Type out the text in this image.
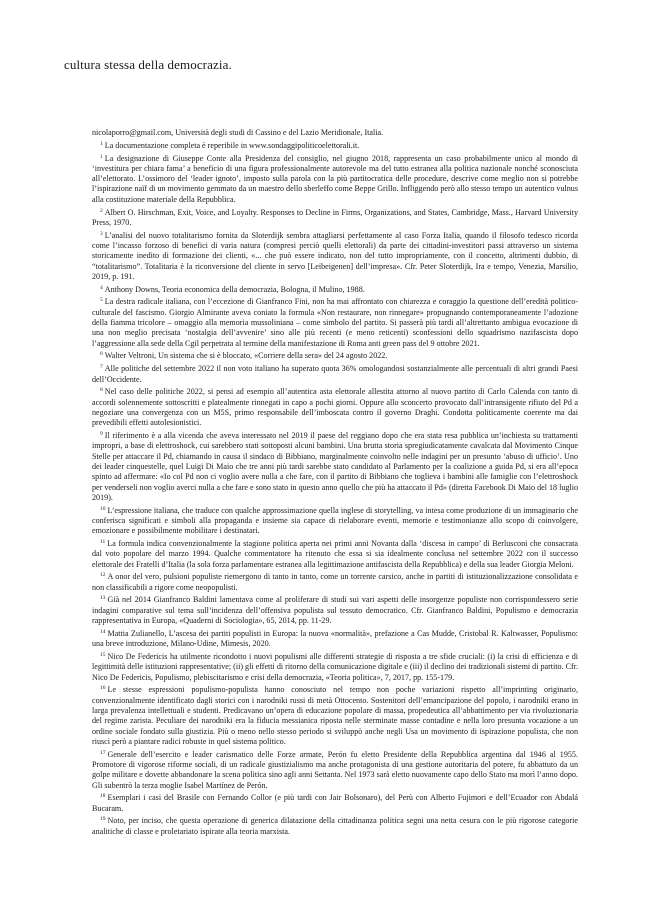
cultura stessa della democrazia.

nicolaporro@gmail.com, Università degli studi di Cassino e del Lazio Meridionale, Italia.

$^1$ La documentazione completa è reperibile in www.sondaggipoliticoelettorali.it.

$^1$ La designazione di Giuseppe Conte alla Presidenza del consiglio, nel giugno 2018, rappresenta un caso probabilmente unico al mondo di ‘investitura per chiara fama’ a beneficio di una figura professionalmente autorevole ma del tutto estranea alla politica nazionale nonché sconosciuta all’elettorato. L’ossimoro del ‘leader ignoto’, imposto sulla parola con la più partitocratica delle procedure, descrive come meglio non si potrebbe l’ispirazione naïf di un movimento gemmato da un maestro dello sberleffo come Beppe Grillo. Infliggendo però allo stesso tempo un autentico vulnus alla costituzione materiale della Repubblica.

$^2$ Albert O. Hirschman, Exit, Voice, and Loyalty. Responses to Decline in Firms, Organizations, and States, Cambridge, Mass., Harvard University Press, 1970.

$^3$ L’analisi del nuovo totalitarismo fornita da Sloterdijk sembra attagliarsi perfettamente al caso Forza Italia, quando il filosofo tedesco ricorda come l’incasso forzoso di benefici di varia natura (compresi perciò quelli elettorali) da parte dei cittadini-investitori passi attraverso un sistema storicamente inedito di formazione dei clienti, «... che può essere indicato, non del tutto impropriamente, con il concetto, altrimenti dubbio, di “totalitarismo”. Totalitaria è la riconversione del cliente in servo [Leibeigenen] dell’impresa». Cfr. Peter Sloterdijk, Ira e tempo, Venezia, Marsilio, 2019, p. 191.

$^4$ Anthony Downs, Teoria economica della democrazia, Bologna, il Mulino, 1988.

$^5$ La destra radicale italiana, con l’eccezione di Gianfranco Fini, non ha mai affrontato con chiarezza e coraggio la questione dell’eredità politico-culturale del fascismo. Giorgio Almirante aveva coniato la formula «Non restaurare, non rinnegare» propugnando contemporaneamente l’adozione della fiamma tricolore – omaggio alla memoria mussoliniana – come simbolo del partito. Si passerà più tardi all’altrettanto ambigua evocazione di una non meglio precisata ‘nostalgia dell’avvenire’ sino alle più recenti (e meno reticenti) sconfessioni dello squadrismo nazifascista dopo l’aggressione alla sede della Cgil perpetrata al termine della manifestazione di Roma anti green pass del 9 ottobre 2021.

$^6$ Walter Veltroni, Un sistema che si è bloccato, «Corriere della sera» del 24 agosto 2022.

$^7$ Alle politiche del settembre 2022 il non voto italiano ha superato quota 36% omologandosi sostanzialmente alle percentuali di altri grandi Paesi dell’Occidente.

$^8$ Nel caso delle politiche 2022, si pensi ad esempio all’autentica asta elettorale allestita attorno al nuovo partito di Carlo Calenda con tanto di accordi solennemente sottoscritti e platealmente rinnegati in capo a pochi giorni. Oppure allo sconcerto provocato dall’intransigente rifiuto del Pd a negoziare una convergenza con un M5S, primo responsabile dell’imboscata contro il governo Draghi. Condotta politicamente coerente ma dai prevedibili effetti autolesionistici.

$^9$ Il riferimento è a alla vicenda che aveva interessato nel 2019 il paese del reggiano dopo che era stata resa pubblica un’inchiesta su trattamenti impropri, a base di elettroshock, cui sarebbero stati sottoposti alcuni bambini. Una brutta storia spregiudicatamente cavalcata dal Movimento Cinque Stelle per attaccare il Pd, chiamando in causa il sindaco di Bibbiano, marginalmente coinvolto nelle indagini per un presunto ‘abuso di ufficio’. Uno dei leader cinquestelle, quel Luigi Di Maio che tre anni più tardi sarebbe stato candidato al Parlamento per la coalizione a guida Pd, si era all’epoca spinto ad affermare: «Io col Pd non ci voglio avere nulla a che fare, con il partito di Bibbiano che toglieva i bambini alle famiglie con l’elettroshock per venderseli non voglio averci nulla a che fare e sono stato in questo anno quello che più ha attaccato il Pd» (diretta Facebook Di Maio del 18 luglio 2019).

$^{10}$ L’espressione italiana, che traduce con qualche approssimazione quella inglese di storytelling, va intesa come produzione di un immaginario che conferisca significati e simboli alla propaganda e insieme sia capace di rielaborare eventi, memorie e testimonianze allo scopo di coinvolgere, emozionare e possibilmente mobilitare i destinatari.

$^{11}$ La formula indica convenzionalmente la stagione politica aperta nei primi anni Novanta dalla ‘discesa in campo’ di Berlusconi che consacrata dal voto popolare del marzo 1994. Qualche commentatore ha ritenuto che essa si sia idealmente conclusa nel settembre 2022 con il successo elettorale dei Fratelli d’Italia (la sola forza parlamentare estranea alla legittimazione antifascista della Repubblica) e della sua leader Giorgia Meloni.

$^{12}$ A onor del vero, pulsioni populiste riemergono di tanto in tanto, come un torrente carsico, anche in partiti di istituzionalizzazione consolidata e non classificabili a rigore come neopopulisti.

$^{13}$ Già nel 2014 Gianfranco Baldini lamentava come al proliferare di studi sui vari aspetti delle insorgenze populiste non corrispondessero serie indagini comparative sul tema sull’incidenza dell’offensiva populista sul tessuto democratico. Cfr. Gianfranco Baldini, Populismo e democrazia rappresentativa in Europa, «Quaderni di Sociologia», 65, 2014, pp. 11-29.

$^{14}$ Mattia Zulianello, L’ascesa dei partiti populisti in Europa: la nuova «normalità», prefazione a Cas Mudde, Cristobal R. Kaltwasser, Populismo: una breve introduzione, Milano-Udine, Mimesis, 2020.

$^{15}$ Nico De Federicis ha utilmente ricondotto i nuovi populismi alle differenti strategie di risposta a tre sfide cruciali: (i) la crisi di efficienza e di legittimità delle istituzioni rappresentative; (ii) gli effetti di ritorno della comunicazione digitale e (iii) il declino dei tradizionali sistemi di partito. Cfr. Nico De Federicis, Populismo, plebiscitarismo e crisi della democrazia, «Teoria politica», 7, 2017, pp. 155-179.

$^{16}$ Le stesse espressioni populismo-populista hanno conosciuto nel tempo non poche variazioni rispetto all’imprinting originario, convenzionalmente identificato dagli storici con i narodniki russi di metà Ottocento. Sostenitori dell’emancipazione del popolo, i narodniki erano in larga prevalenza intellettuali e studenti. Predicavano un’opera di educazione popolare di massa, propedeutica all’abbattimento per via rivoluzionaria del regime zarista. Peculiare dei narodniki era la fiducia messianica riposta nelle sterminate masse contadine e nella loro presunta vocazione a un ordine sociale fondato sulla giustizia. Più o meno nello stesso periodo si sviluppò anche negli Usa un movimento di ispirazione populista, che non riuscì però a piantare radici robuste in quel sistema politico.

$^{17}$ Generale dell’esercito e leader carismatico delle Forze armate, Perón fu eletto Presidente della Repubblica argentina dal 1946 al 1955. Promotore di vigorose riforme sociali, di un radicale giustizialismo ma anche protagonista di una gestione autoritaria del potere, fu abbattuto da un golpe militare e dovette abbandonare la scena politica sino agli anni Settanta. Nel 1973 sarà eletto nuovamente capo dello Stato ma morì l’anno dopo. Gli subentrò la terza moglie Isabel Martínez de Perón.

$^{18}$ Esemplari i casi del Brasile con Fernando Collor (e più tardi con Jair Bolsonaro), del Perù con Alberto Fujimori e dell’Ecuador con Abdalá Bucaram.

$^{19}$ Noto, per inciso, che questa operazione di generica dilatazione della cittadinanza politica segni una netta cesura con le più rigorose categorie analitiche di classe e proletariato ispirate alla teoria marxista.
